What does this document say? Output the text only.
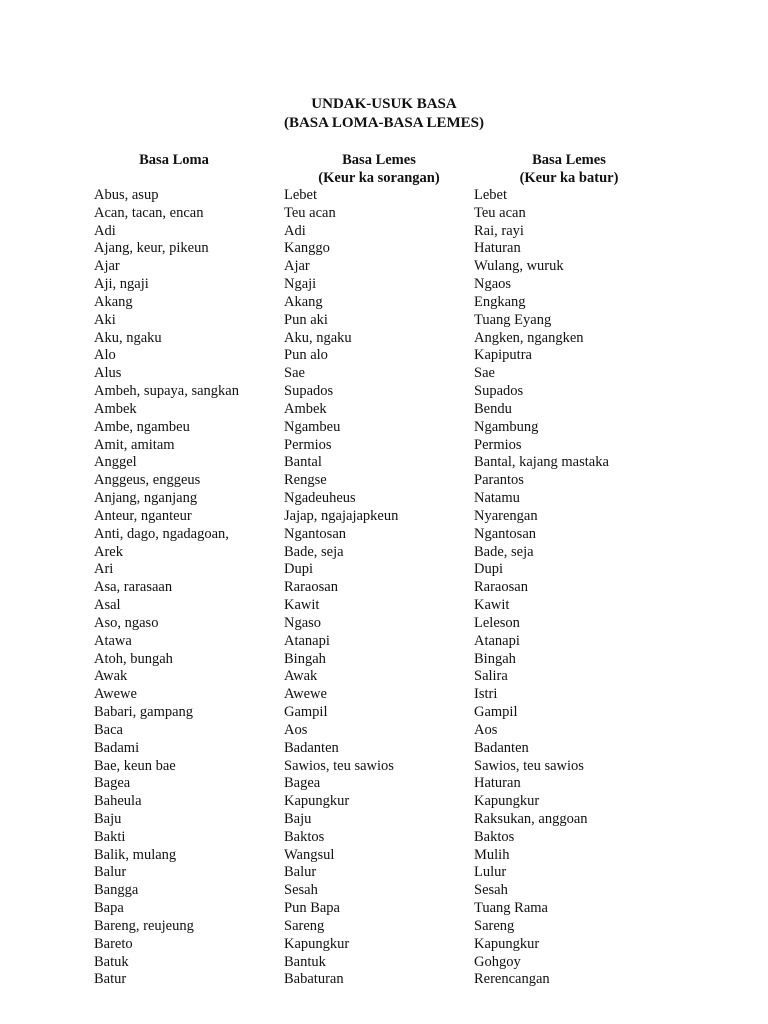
UNDAK-USUK BASA
(BASA LOMA-BASA LEMES)
Basa Loma
Abus, asup
Acan, tacan, encan
Adi
Ajang, keur, pikeun
Ajar
Aji, ngaji
Akang
Aki
Aku, ngaku
Alo
Alus
Ambeh, supaya, sangkan
Ambek
Ambe, ngambeu
Amit, amitam
Anggel
Anggeus, enggeus
Anjang, nganjang
Anteur, nganteur
Anti, dago, ngadagoan,
Arek
Ari
Asa, rarasaan
Asal
Aso, ngaso
Atawa
Atoh, bungah
Awak
Awewe
Babari, gampang
Baca
Badami
Bae, keun bae
Bagea
Baheula
Baju
Bakti
Balik, mulang
Balur
Bangga
Bapa
Bareng, reujeung
Bareto
Batuk
Batur
Basa Lemes
(Keur ka sorangan)
Lebet
Teu acan
Adi
Kanggo
Ajar
Ngaji
Akang
Pun aki
Aku, ngaku
Pun alo
Sae
Supados
Ambek
Ngambeu
Permios
Bantal
Rengse
Ngadeuheus
Jajap, ngajajapkeun
Ngantosan
Bade, seja
Dupi
Raraosan
Kawit
Ngaso
Atanapi
Bingah
Awak
Awewe
Gampil
Aos
Badanten
Sawios, teu sawios
Bagea
Kapungkur
Baju
Baktos
Wangsul
Balur
Sesah
Pun Bapa
Sareng
Kapungkur
Bantuk
Babaturan
Basa Lemes
(Keur ka batur)
Lebet
Teu acan
Rai, rayi
Haturan
Wulang, wuruk
Ngaos
Engkang
Tuang Eyang
Angken, ngangken
Kapiputra
Sae
Supados
Bendu
Ngambung
Permios
Bantal, kajang mastaka
Parantos
Natamu
Nyarengan
Ngantosan
Bade, seja
Dupi
Raraosan
Kawit
Leleson
Atanapi
Bingah
Salira
Istri
Gampil
Aos
Badanten
Sawios, teu sawios
Haturan
Kapungkur
Raksukan, anggoan
Baktos
Mulih
Lulur
Sesah
Tuang Rama
Sareng
Kapungkur
Gohgoy
Rerencangan
